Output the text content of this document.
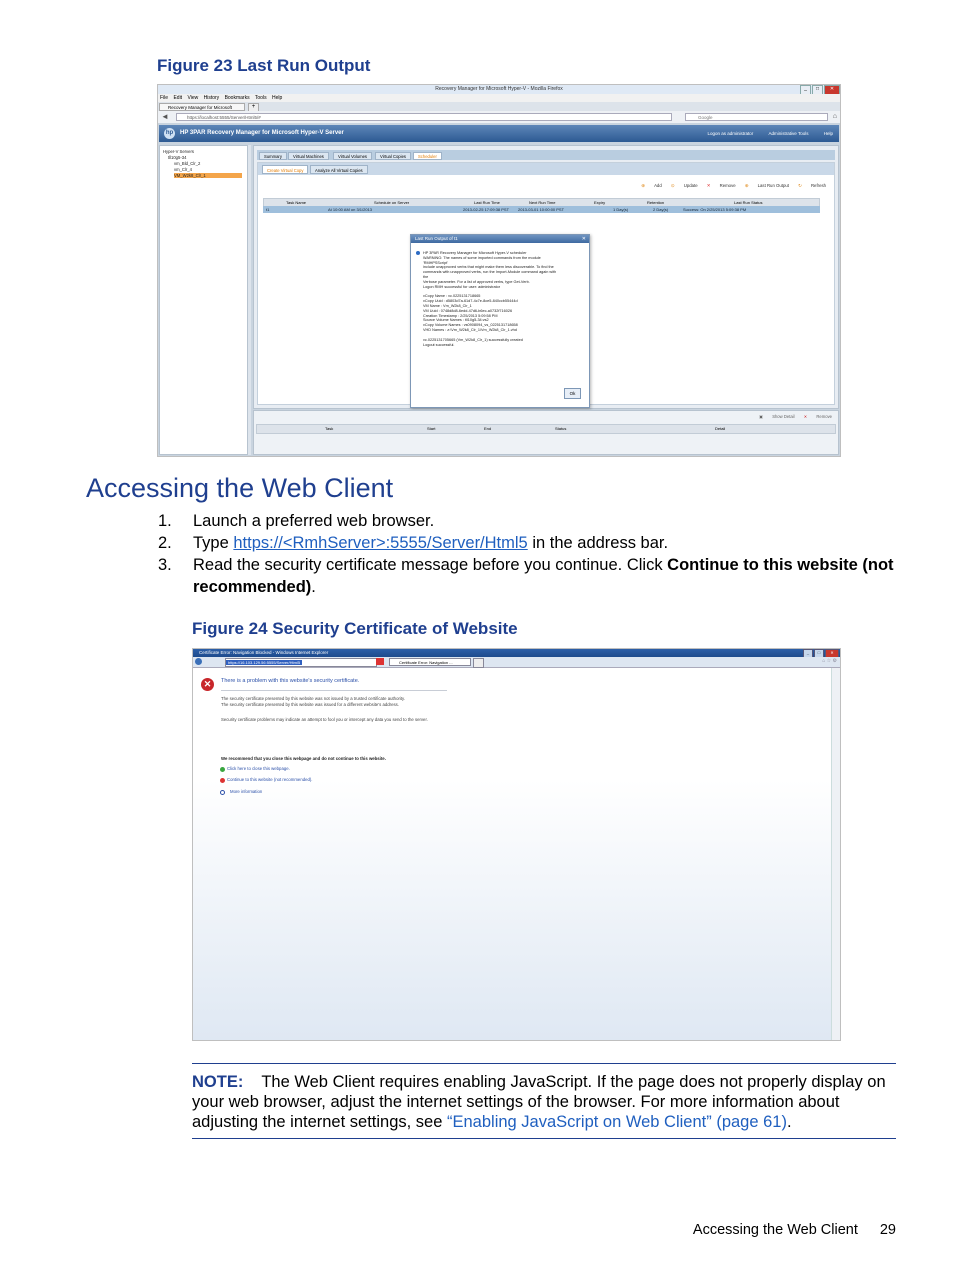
Figure 23 Last Run Output
Recovery Manager for Microsoft Hyper-V - Mozilla Firefox	_	□	✕
File Edit View History Bookmarks Tools Help
Recovery Manager for Microsoft	+
◄	https://localhost:5555/Server/Html5/#	Google	⌂
hp	HP 3PAR Recovery Manager for Microsoft Hyper-V Server	Logon as administrator	Administrative Tools	Help
Hyper-V Servers
tll10g5-34
vm_Bld_Clr_2
vm_Clr_4
VM_W2k8_Clr_1
Summary	Virtual Machines	Virtual Volumes	Virtual Copies	Scheduler
Create Virtual Copy	Analyze All Virtual Copies
⊕ Add ⊙ Update ✕ Remove ⊕ Last Run Output ↻ Refresh
Task Name	Schedule on Server	Last Run Time	Next Run Time	Expiry	Retention	Last Run Status
t1	At 10:00 AM on 3/1/2013	2013-02-25 17:09:38 PST 2013-03-01 10:00:00 PST	1 Day(s)	2 Day(s)	Success: On 2/25/2013 5:09:38 PM
Last Run Output of t1	✕

HP 3PAR Recovery Manager for Microsoft Hyper-V scheduler

WARNING: The names of some imported commands from the module

'RMHPSScript'

include unapproved verbs that might make them less discoverable. To find the

commands with unapproved verbs, run the Import-Module command again with

the

Verbose parameter. For a list of approved verbs, type Get-Verb.

Logon RMH successful for user: administrator

vCopy Name : vc.0225131718665

vCopy Uuid : d5803d7a-61d7-4c7e-8ce5-840ccb55444d

VM Name : Vm_W2k8_Clr_1

VM Uuid : 0748d8d8-6edd-47d6-b6ec-a0732f716026

Creation Timestamp : 2/25/2013 5:09:58 PM

Source Volume Names : tll10g5-34:vs2

vCopy Volume Names : vs0908094_vs_0225131718658

VHD Names : z:\Vm_W2k8_Clr_1\Vm_W2k8_Clr_1.vhd

vc.0225131705665 (Vm_W2k8_Clr_1) successfully created

Logout successful.

Ok
▣ Show Detail ✕ Remove
Task	Start	End	Status	Detail
Accessing the Web Client
1. Launch a preferred web browser.
2. Type https://<RmhServer>:5555/Server/Html5 in the address bar.
3. Read the security certificate message before you continue. Click Continue to this website (not recommended).
Figure 24 Security Certificate of Website
Certificate Error: Navigation Blocked - Windows Internet Explorer	_	□	✕
https://16.103.129.56:5555/Server/Html5	Certificate Error: Navigation ...	⌂ ☆ ⚙
✕	There is a problem with this website's security certificate.
The security certificate presented by this website was not issued by a trusted certificate authority.
The security certificate presented by this website was issued for a different website's address.
Security certificate problems may indicate an attempt to fool you or intercept any data you send to the server.
We recommend that you close this webpage and do not continue to this website.
Click here to close this webpage.
Continue to this website (not recommended).
More information
NOTE: The Web Client requires enabling JavaScript. If the page does not properly display on your web browser, adjust the internet settings of the browser. For more information about adjusting the internet settings, see “Enabling JavaScript on Web Client” (page 61).
Accessing the Web Client 29
